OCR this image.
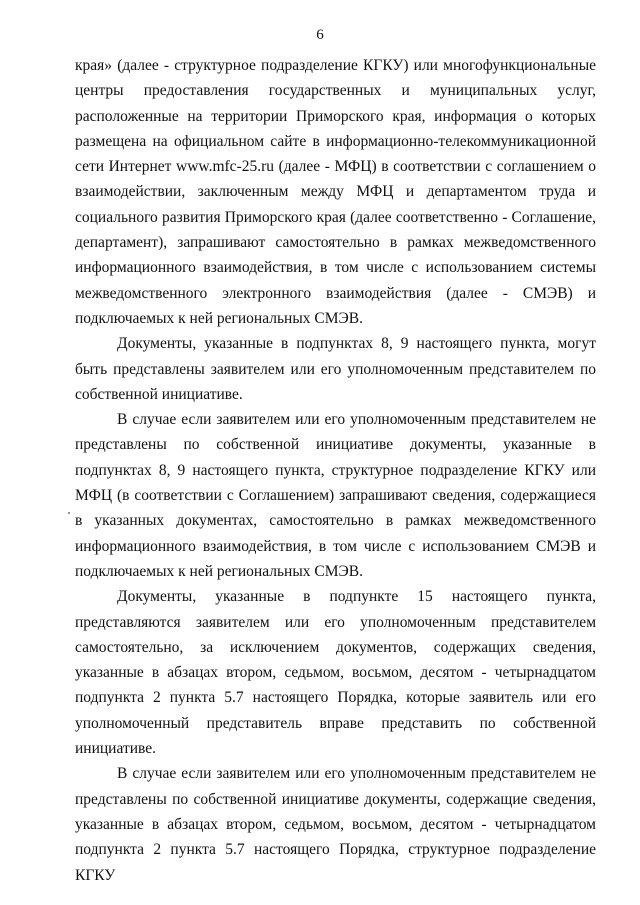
6

края» (далее - структурное подразделение КГКУ) или многофункциональные центры предоставления государственных и муниципальных услуг, расположенные на территории Приморского края, информация о которых размещена на официальном сайте в информационно-телекоммуникационной сети Интернет www.mfc-25.ru (далее - МФЦ) в соответствии с соглашением о взаимодействии, заключенным между МФЦ и департаментом труда и социального развития Приморского края (далее соответственно - Соглашение, департамент), запрашивают самостоятельно в рамках межведомственного информационного взаимодействия, в том числе с использованием системы межведомственного электронного взаимодействия (далее - СМЭВ) и подключаемых к ней региональных СМЭВ.

Документы, указанные в подпунктах 8, 9 настоящего пункта, могут быть представлены заявителем или его уполномоченным представителем по собственной инициативе.

В случае если заявителем или его уполномоченным представителем не представлены по собственной инициативе документы, указанные в подпунктах 8, 9 настоящего пункта, структурное подразделение КГКУ или МФЦ (в соответствии с Соглашением) запрашивают сведения, содержащиеся в указанных документах, самостоятельно в рамках межведомственного информационного взаимодействия, в том числе с использованием СМЭВ и подключаемых к ней региональных СМЭВ.

Документы, указанные в подпункте 15 настоящего пункта, представляются заявителем или его уполномоченным представителем самостоятельно, за исключением документов, содержащих сведения, указанные в абзацах втором, седьмом, восьмом, десятом - четырнадцатом подпункта 2 пункта 5.7 настоящего Порядка, которые заявитель или его уполномоченный представитель вправе представить по собственной инициативе.

В случае если заявителем или его уполномоченным представителем не представлены по собственной инициативе документы, содержащие сведения, указанные в абзацах втором, седьмом, восьмом, десятом - четырнадцатом подпункта 2 пункта 5.7 настоящего Порядка, структурное подразделение КГКУ
